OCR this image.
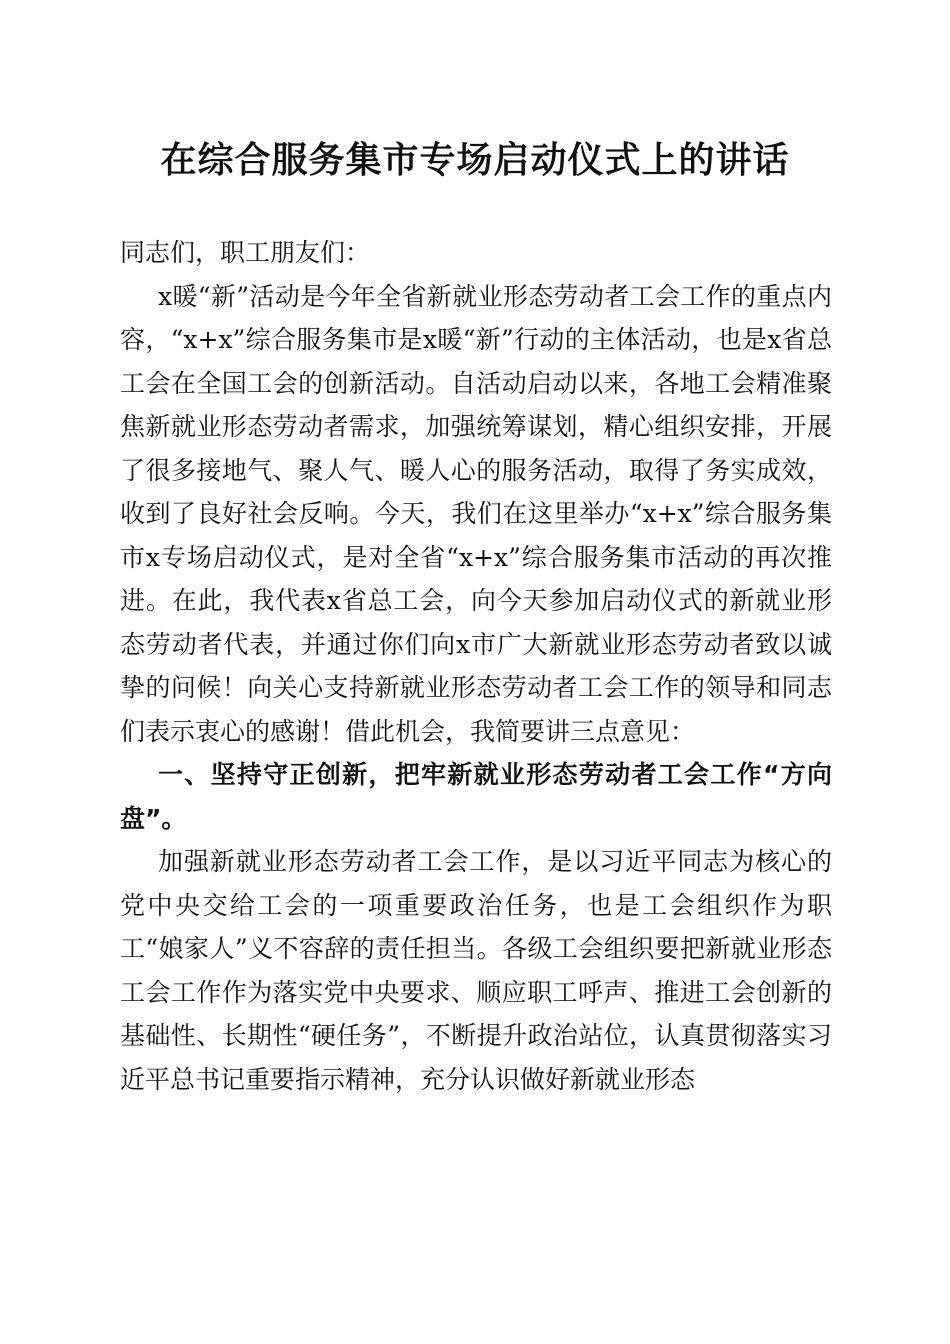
在综合服务集市专场启动仪式上的讲话

同志们，职工朋友们：

x暖“新”活动是今年全省新就业形态劳动者工会工作的重点内容，“x+x”综合服务集市是x暖“新”行动的主体活动，也是x省总工会在全国工会的创新活动。自活动启动以来，各地工会精准聚焦新就业形态劳动者需求，加强统筹谋划，精心组织安排，开展了很多接地气、聚人气、暖人心的服务活动，取得了务实成效，收到了良好社会反响。今天，我们在这里举办“x+x”综合服务集市x专场启动仪式，是对全省“x+x”综合服务集市活动的再次推进。在此，我代表x省总工会，向今天参加启动仪式的新就业形态劳动者代表，并通过你们向x市广大新就业形态劳动者致以诚挚的问候！向关心支持新就业形态劳动者工会工作的领导和同志们表示衷心的感谢！借此机会，我简要讲三点意见：

一、坚持守正创新，把牢新就业形态劳动者工会工作“方向盘”。

加强新就业形态劳动者工会工作，是以习近平同志为核心的党中央交给工会的一项重要政治任务，也是工会组织作为职工“娘家人”义不容辞的责任担当。各级工会组织要把新就业形态工会工作作为落实党中央要求、顺应职工呼声、推进工会创新的基础性、长期性“硬任务”，不断提升政治站位，认真贯彻落实习近平总书记重要指示精神，充分认识做好新就业形态
